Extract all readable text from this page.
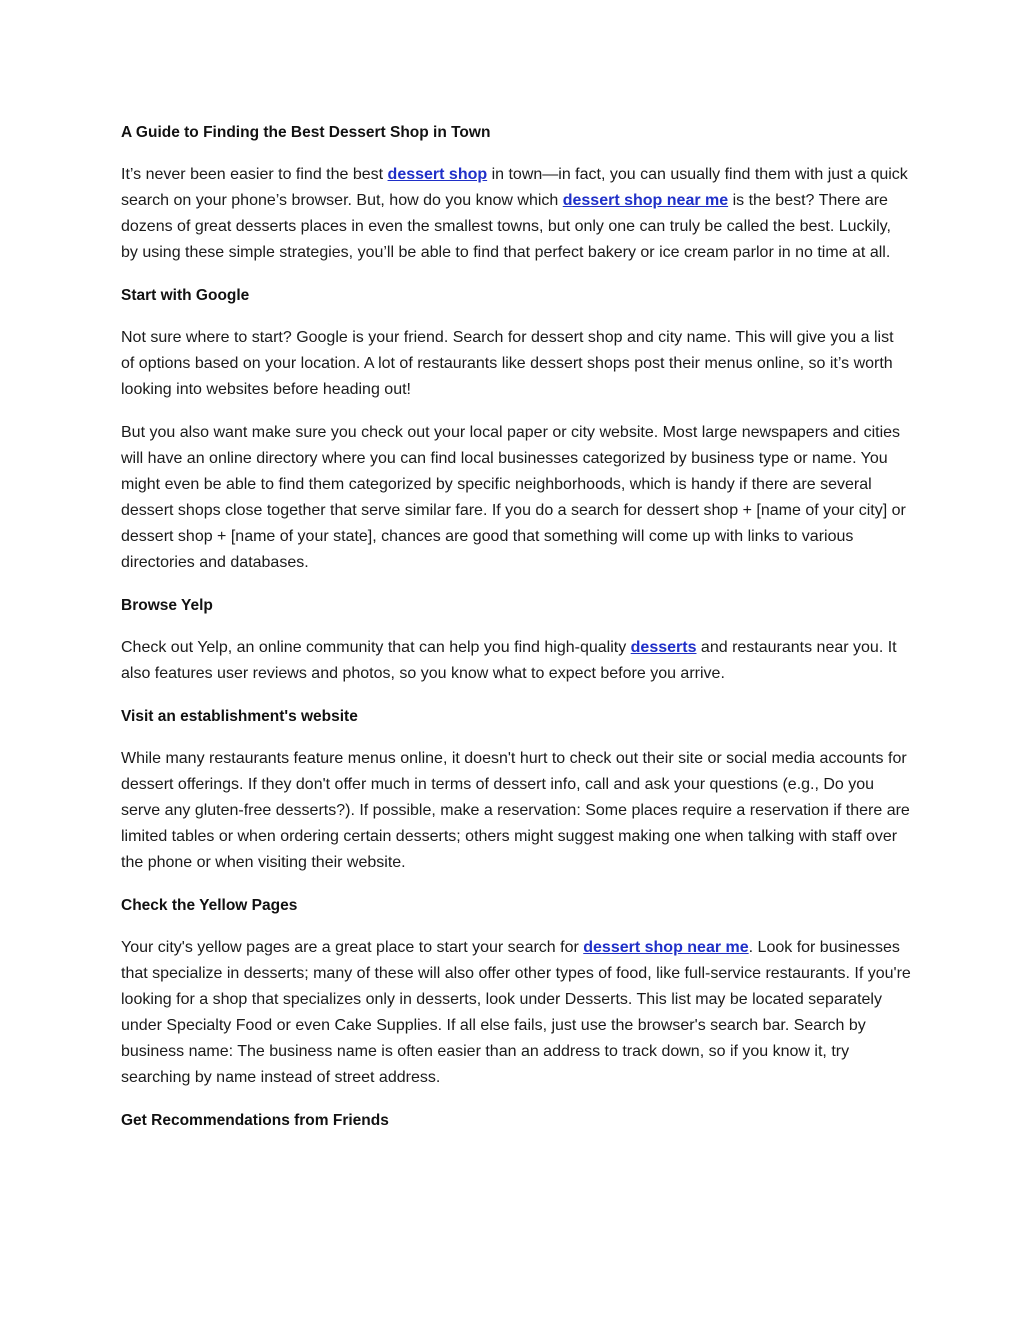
A Guide to Finding the Best Dessert Shop in Town

It’s never been easier to find the best dessert shop in town—in fact, you can usually find them with just a quick search on your phone’s browser. But, how do you know which dessert shop near me is the best? There are dozens of great desserts places in even the smallest towns, but only one can truly be called the best. Luckily, by using these simple strategies, you’ll be able to find that perfect bakery or ice cream parlor in no time at all.

Start with Google

Not sure where to start? Google is your friend. Search for dessert shop and city name. This will give you a list of options based on your location. A lot of restaurants like dessert shops post their menus online, so it’s worth looking into websites before heading out!

But you also want make sure you check out your local paper or city website. Most large newspapers and cities will have an online directory where you can find local businesses categorized by business type or name. You might even be able to find them categorized by specific neighborhoods, which is handy if there are several dessert shops close together that serve similar fare. If you do a search for dessert shop + [name of your city] or dessert shop + [name of your state], chances are good that something will come up with links to various directories and databases.

Browse Yelp

Check out Yelp, an online community that can help you find high-quality desserts and restaurants near you. It also features user reviews and photos, so you know what to expect before you arrive.

Visit an establishment's website

While many restaurants feature menus online, it doesn't hurt to check out their site or social media accounts for dessert offerings. If they don't offer much in terms of dessert info, call and ask your questions (e.g., Do you serve any gluten-free desserts?). If possible, make a reservation: Some places require a reservation if there are limited tables or when ordering certain desserts; others might suggest making one when talking with staff over the phone or when visiting their website.

Check the Yellow Pages

Your city's yellow pages are a great place to start your search for dessert shop near me. Look for businesses that specialize in desserts; many of these will also offer other types of food, like full-service restaurants. If you're looking for a shop that specializes only in desserts, look under Desserts. This list may be located separately under Specialty Food or even Cake Supplies. If all else fails, just use the browser's search bar. Search by business name: The business name is often easier than an address to track down, so if you know it, try searching by name instead of street address.

Get Recommendations from Friends
